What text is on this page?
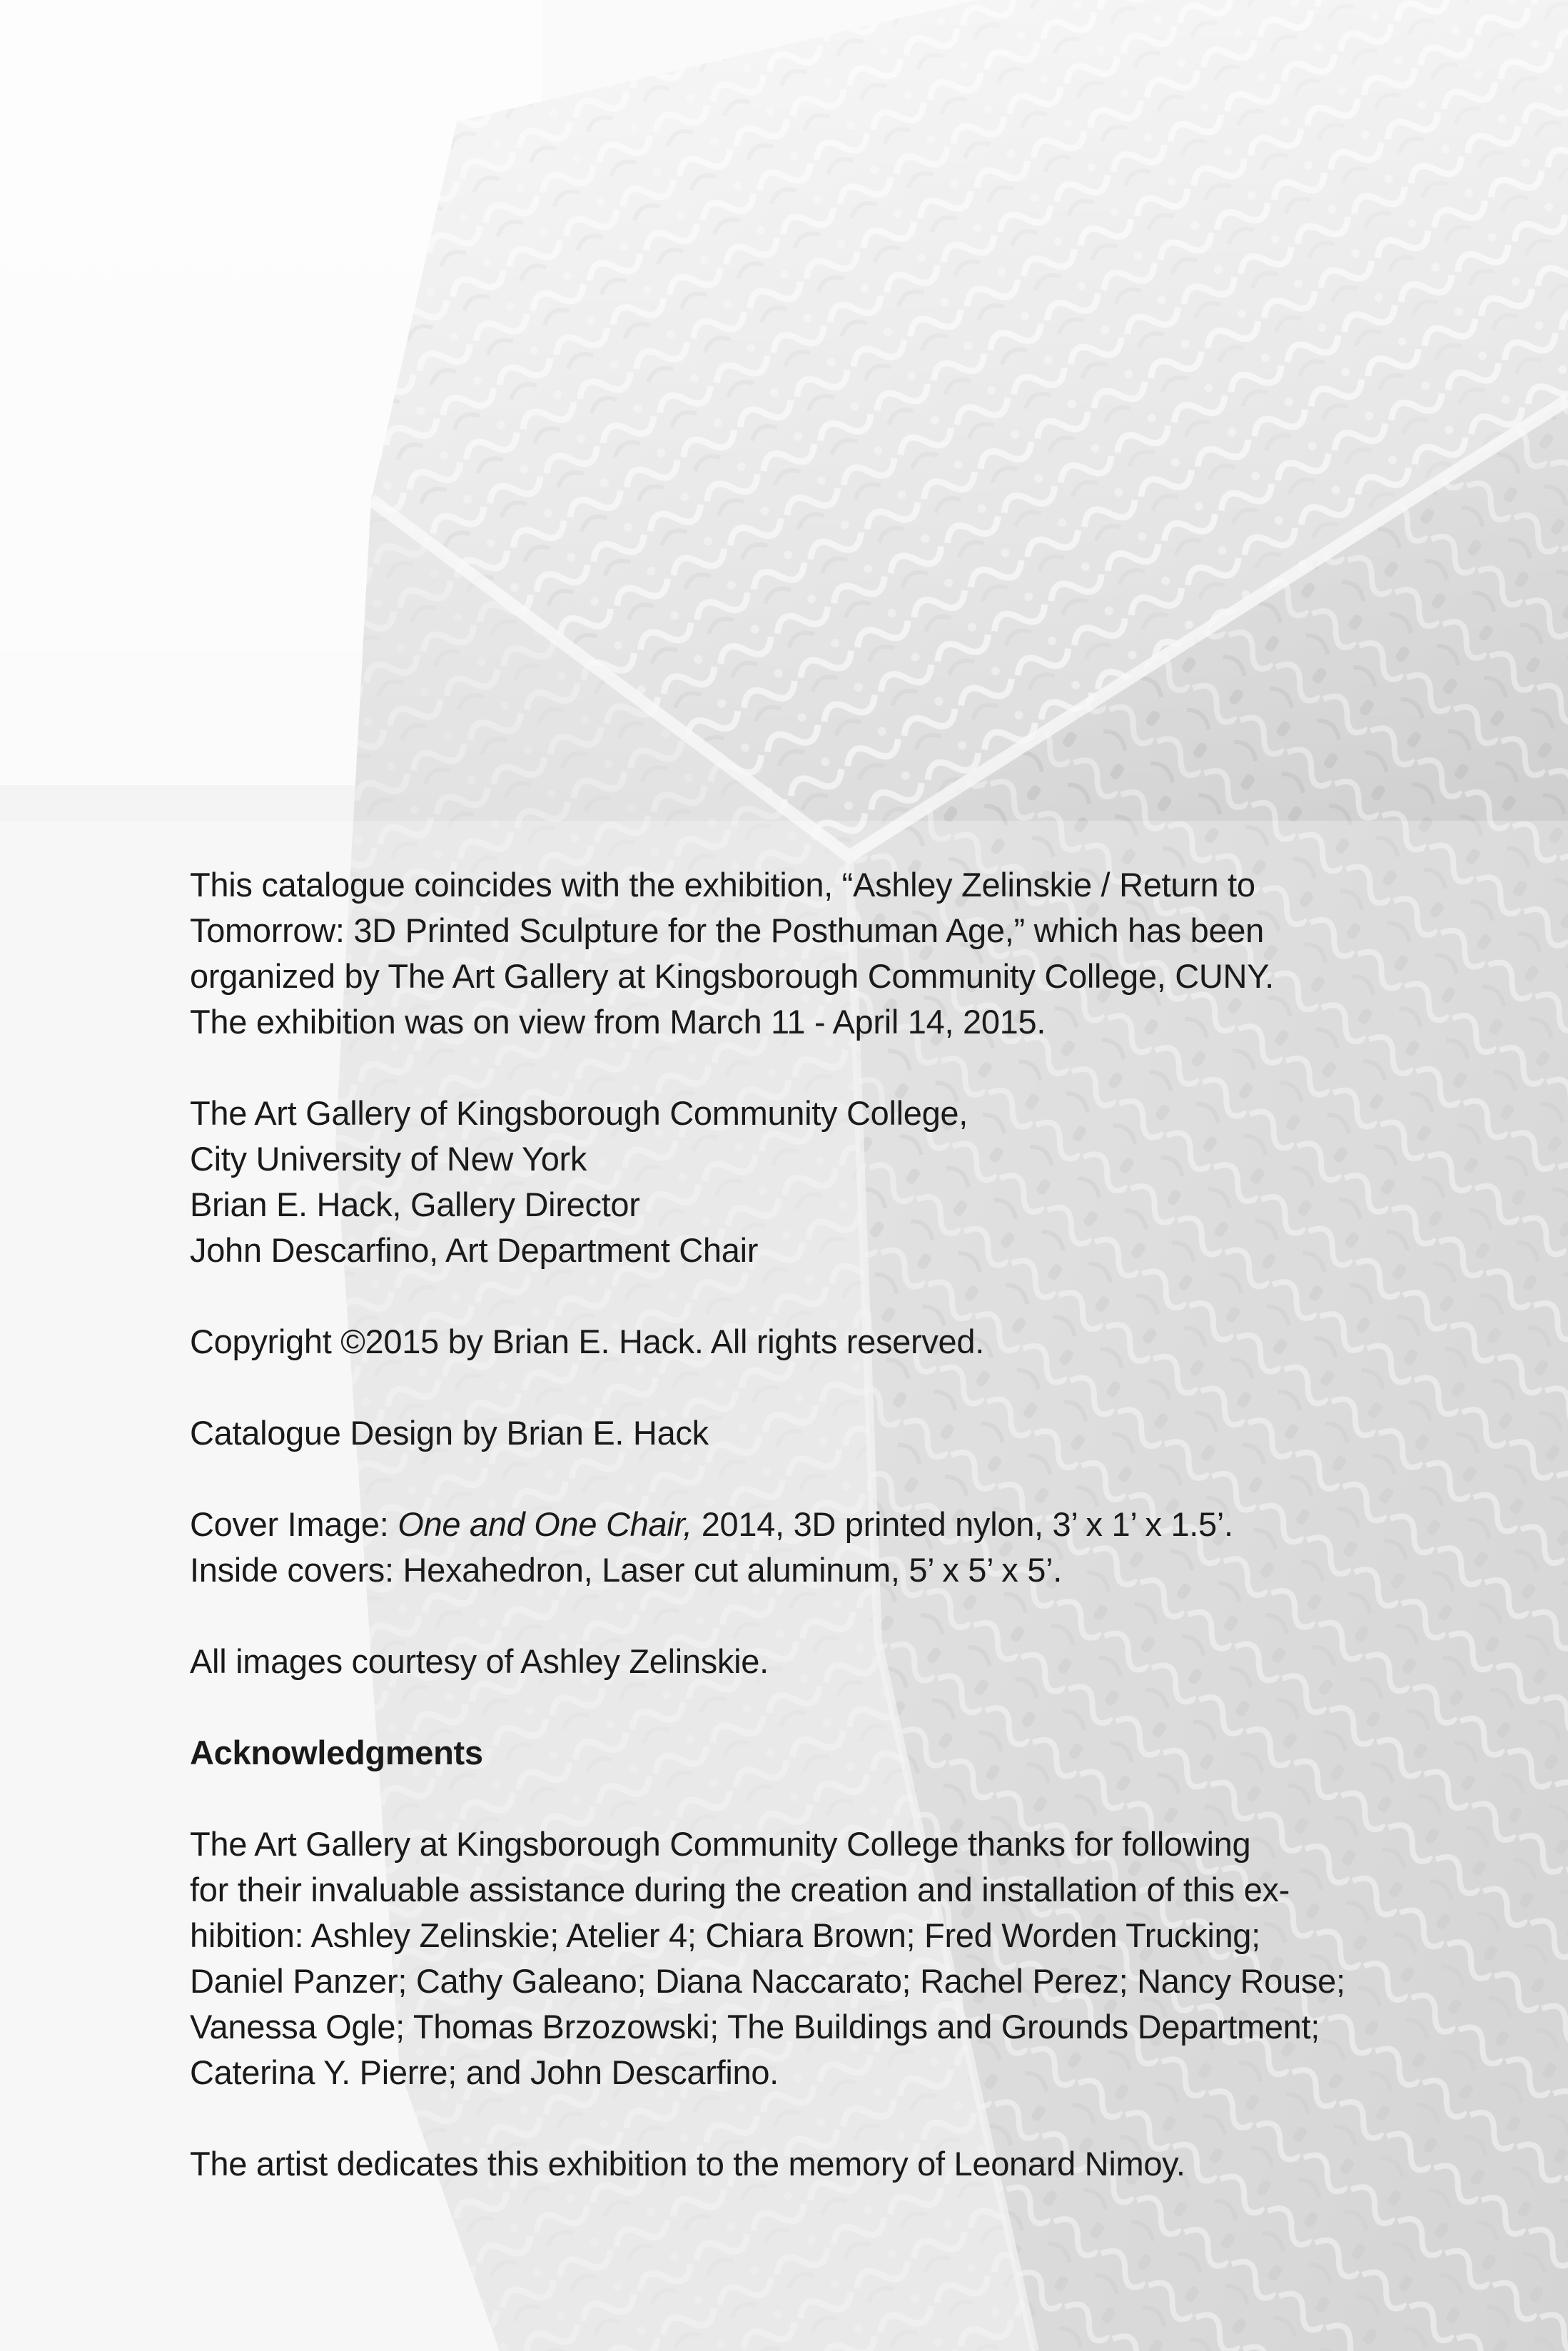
This catalogue coincides with the exhibition, “Ashley Zelinskie / Return to
Tomorrow: 3D Printed Sculpture for the Posthuman Age,” which has been
organized by The Art Gallery at Kingsborough Community College, CUNY.
The exhibition was on view from March 11 - April 14, 2015.
The Art Gallery of Kingsborough Community College,
City University of New York
Brian E. Hack, Gallery Director
John Descarfino, Art Department Chair
Copyright ©2015 by Brian E. Hack. All rights reserved.
Catalogue Design by Brian E. Hack
Cover Image: One and One Chair, 2014, 3D printed nylon, 3’ x 1’ x 1.5’.
Inside covers: Hexahedron, Laser cut aluminum, 5’ x 5’ x 5’.
All images courtesy of Ashley Zelinskie.
Acknowledgments
The Art Gallery at Kingsborough Community College thanks for following
for their invaluable assistance during the creation and installation of this ex-
hibition: Ashley Zelinskie; Atelier 4; Chiara Brown; Fred Worden Trucking;
Daniel Panzer; Cathy Galeano; Diana Naccarato; Rachel Perez; Nancy Rouse;
Vanessa Ogle; Thomas Brzozowski; The Buildings and Grounds Department;
Caterina Y. Pierre; and John Descarfino.
The artist dedicates this exhibition to the memory of Leonard Nimoy.
